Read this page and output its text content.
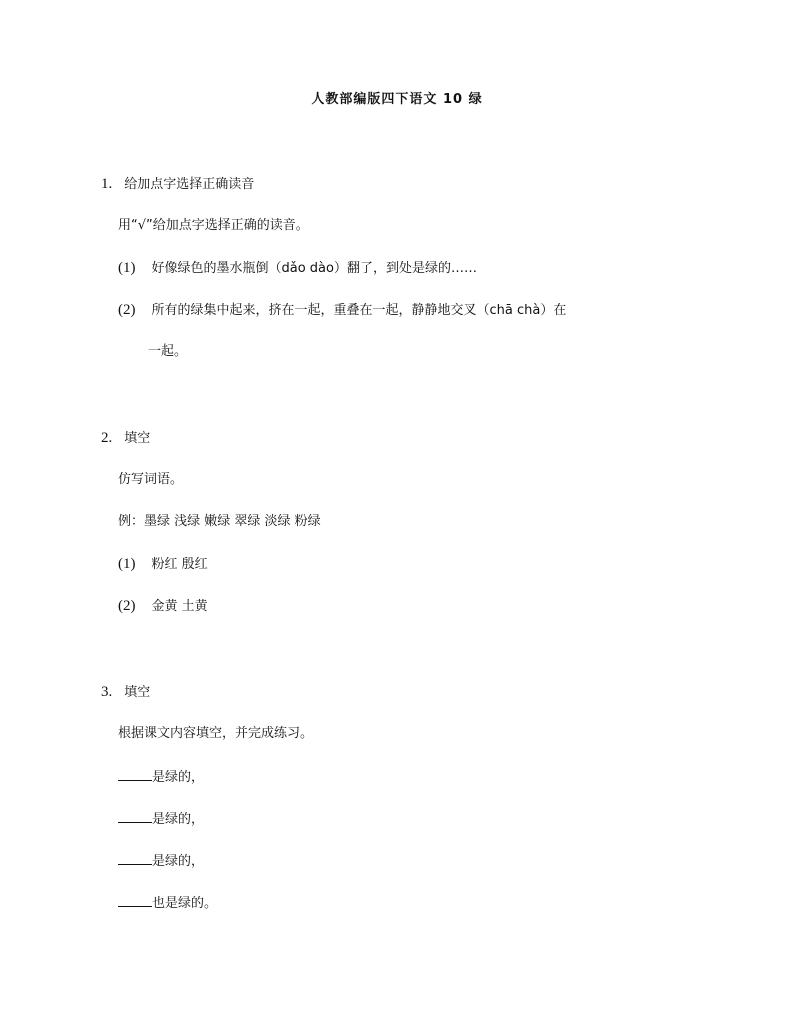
人教部编版四下语文 10 绿
1. 给加点字选择正确读音
用“√”给加点字选择正确的读音。
(1) 好像绿色的墨水瓶倒（dǎo dào）翻了，到处是绿的……
(2) 所有的绿集中起来，挤在一起，重叠在一起，静静地交叉（chā chà）在
一起。
2. 填空
仿写词语。
例：墨绿 浅绿 嫩绿 翠绿 淡绿 粉绿
(1) 粉红 殷红
(2) 金黄 土黄
3. 填空
根据课文内容填空，并完成练习。
是绿的，
是绿的，
是绿的，
也是绿的。
